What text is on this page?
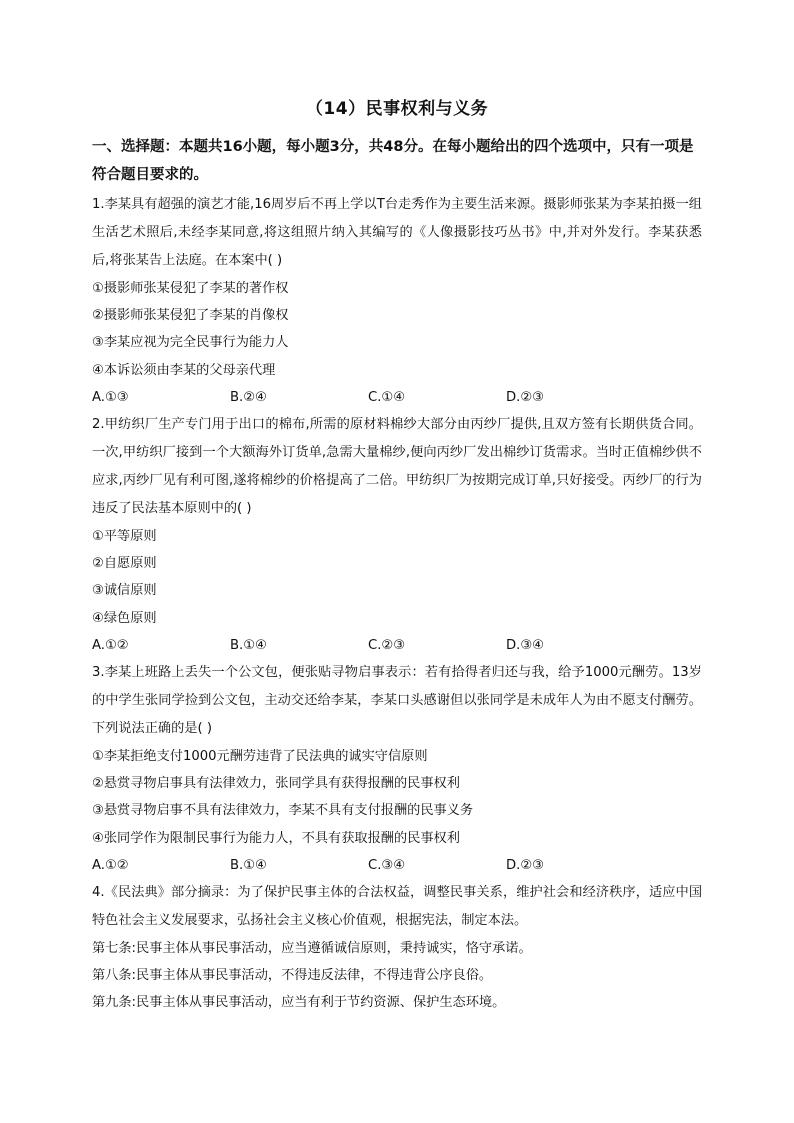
（14）民事权利与义务
一、选择题：本题共16小题，每小题3分，共48分。在每小题给出的四个选项中，只有一项是符合题目要求的。

1.李某具有超强的演艺才能,16周岁后不再上学以T台走秀作为主要生活来源。摄影师张某为李某拍摄一组生活艺术照后,未经李某同意,将这组照片纳入其编写的《人像摄影技巧丛书》中,并对外发行。李某获悉后,将张某告上法庭。在本案中( )

①摄影师张某侵犯了李某的著作权

②摄影师张某侵犯了李某的肖像权

③李某应视为完全民事行为能力人

④本诉讼须由李某的父母亲代理

A.①③	B.②④	C.①④	D.②③

2.甲纺织厂生产专门用于出口的棉布,所需的原材料棉纱大部分由丙纱厂提供,且双方签有长期供货合同。一次,甲纺织厂接到一个大额海外订货单,急需大量棉纱,便向丙纱厂发出棉纱订货需求。当时正值棉纱供不应求,丙纱厂见有利可图,遂将棉纱的价格提高了二倍。甲纺织厂为按期完成订单,只好接受。丙纱厂的行为违反了民法基本原则中的( )

①平等原则

②自愿原则

③诚信原则

④绿色原则

A.①②	B.①④	C.②③	D.③④

3.李某上班路上丢失一个公文包，便张贴寻物启事表示：若有拾得者归还与我，给予1000元酬劳。13岁的中学生张同学捡到公文包，主动交还给李某，李某口头感谢但以张同学是未成年人为由不愿支付酬劳。下列说法正确的是( )

①李某拒绝支付1000元酬劳违背了民法典的诚实守信原则

②悬赏寻物启事具有法律效力，张同学具有获得报酬的民事权利

③悬赏寻物启事不具有法律效力，李某不具有支付报酬的民事义务

④张同学作为限制民事行为能力人，不具有获取报酬的民事权利

A.①②	B.①④	C.③④	D.②③

4.《民法典》部分摘录：为了保护民事主体的合法权益，调整民事关系，维护社会和经济秩序，适应中国特色社会主义发展要求，弘扬社会主义核心价值观，根据宪法，制定本法。

第七条:民事主体从事民事活动，应当遵循诚信原则，秉持诚实，恪守承诺。

第八条:民事主体从事民事活动，不得违反法律，不得违背公序良俗。

第九条:民事主体从事民事活动，应当有利于节约资源、保护生态环境。
